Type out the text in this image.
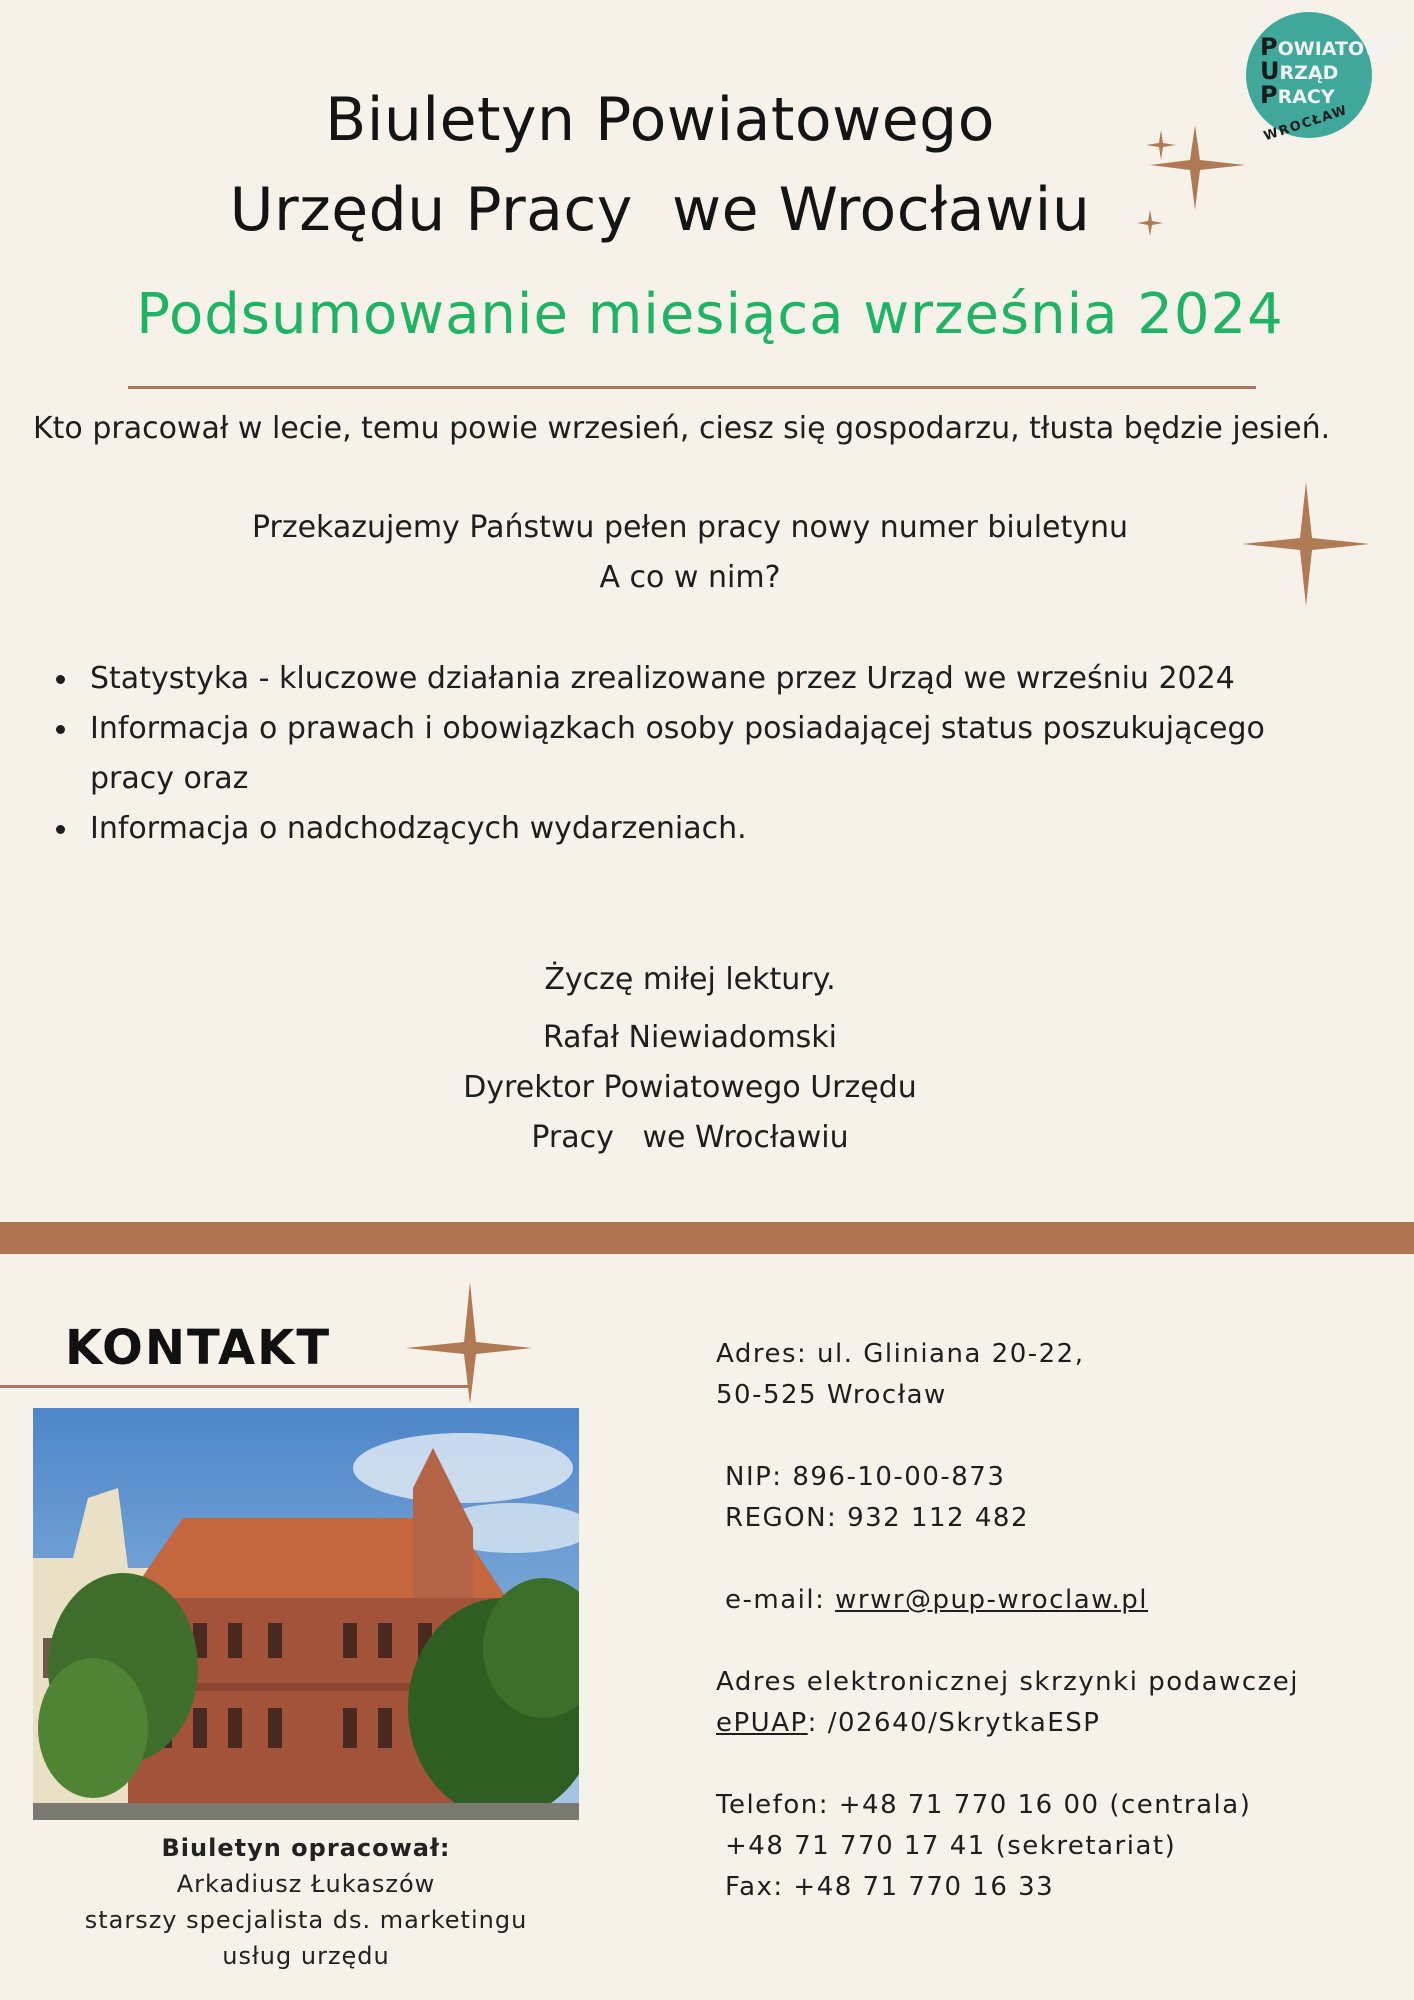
POWIATOWY
URZĄD
PRACY
WROCŁAW
Biuletyn Powiatowego
Urzędu Pracy  we Wrocławiu
Podsumowanie miesiąca września 2024
Kto pracował w lecie, temu powie wrzesień, ciesz się gospodarzu, tłusta będzie jesień.
Przekazujemy Państwu pełen pracy nowy numer biuletynu
A co w nim?
Statystyka - kluczowe działania zrealizowane przez Urząd we wrześniu 2024
Informacja o prawach i obowiązkach osoby posiadającej status poszukującego pracy oraz
Informacja o nadchodzących wydarzeniach.
Życzę miłej lektury.
Rafał Niewiadomski
Dyrektor Powiatowego Urzędu
Pracy   we Wrocławiu
KONTAKT
Biuletyn opracował:
Arkadiusz Łukaszów
starszy specjalista ds. marketingu
usług urzędu
Adres: ul. Gliniana 20-22,
50-525 Wrocław
NIP: 896-10-00-873
REGON: 932 112 482
e-mail: wrwr@pup-wroclaw.pl
Adres elektronicznej skrzynki podawczej
ePUAP: /02640/SkrytkaESP
Telefon: +48 71 770 16 00 (centrala)
+48 71 770 17 41 (sekretariat)
Fax: +48 71 770 16 33
